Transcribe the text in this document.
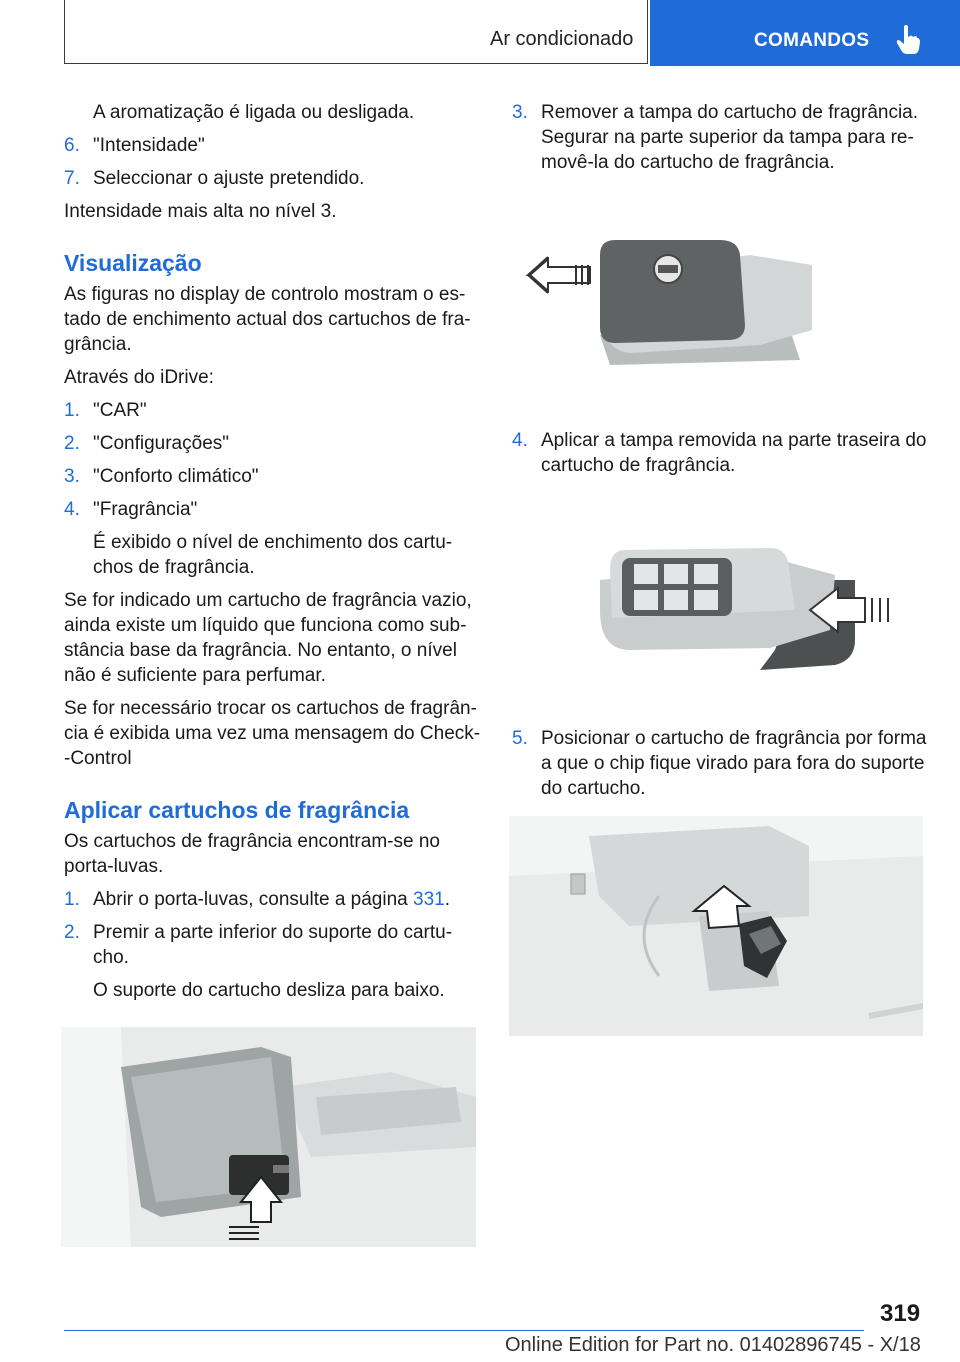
Ar condicionado	COMANDOS

A aromatização é ligada ou desligada.

6. "Intensidade"
7. Seleccionar o ajuste pretendido.

Intensidade mais alta no nível 3.

Visualização

As figuras no display de controlo mostram o es-tado de enchimento actual dos cartuchos de fra-grância.

Através do iDrive:

1. "CAR"
2. "Configurações"
3. "Conforto climático"
4. "Fragrância"

É exibido o nível de enchimento dos cartu-chos de fragrância.

Se for indicado um cartucho de fragrância vazio, ainda existe um líquido que funciona como sub-stância base da fragrância. No entanto, o nível não é suficiente para perfumar.

Se for necessário trocar os cartuchos de fragrân-cia é exibida uma vez uma mensagem do Check--Control

Aplicar cartuchos de fragrância

Os cartuchos de fragrância encontram-se no porta-luvas.

1. Abrir o porta-luvas, consulte a página 331.
2. Premir a parte inferior do suporte do cartu-cho.

O suporte do cartucho desliza para baixo.

3. Remover a tampa do cartucho de fragrância. Segurar na parte superior da tampa para re-movê-la do cartucho de fragrância.
4. Aplicar a tampa removida na parte traseira do cartucho de fragrância.
5. Posicionar o cartucho de fragrância por forma a que o chip fique virado para fora do suporte do cartucho.
319
Online Edition for Part no. 01402896745 - X/18
